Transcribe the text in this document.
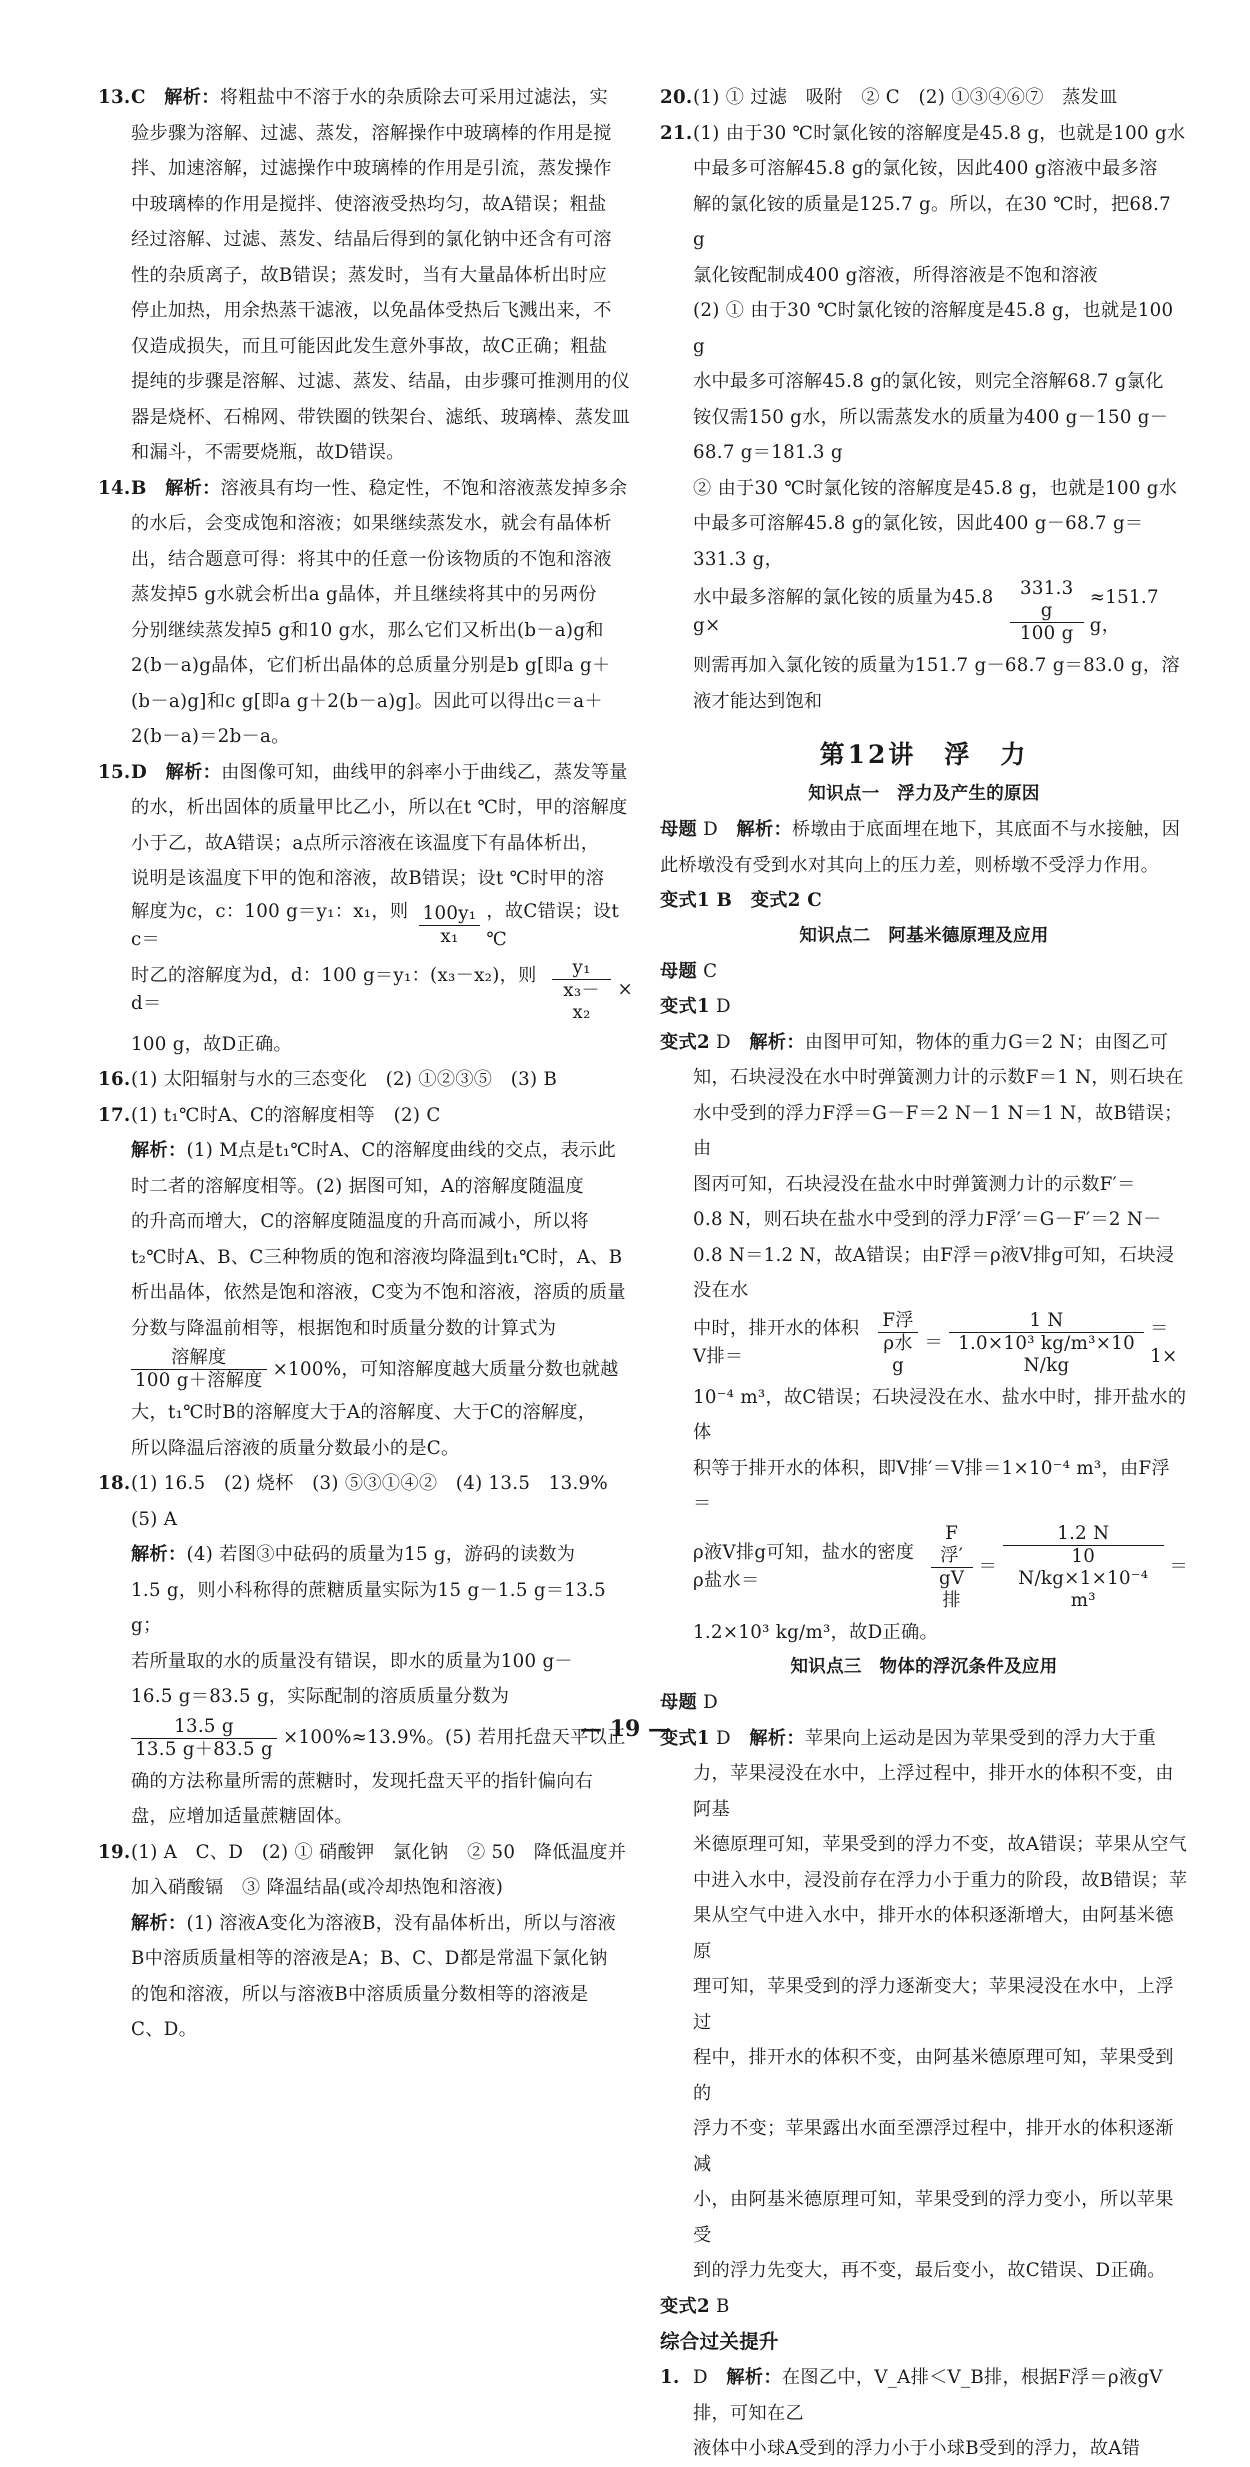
13. C　 解析：将粗盐中不溶于水的杂质除去可采用过滤法，实

验步骤为溶解、过滤、蒸发，溶解操作中玻璃棒的作用是搅

拌、加速溶解，过滤操作中玻璃棒的作用是引流，蒸发操作

中玻璃棒的作用是搅拌、使溶液受热均匀，故A错误；粗盐

经过溶解、过滤、蒸发、结晶后得到的氯化钠中还含有可溶

性的杂质离子，故B错误；蒸发时，当有大量晶体析出时应

停止加热，用余热蒸干滤液，以免晶体受热后飞溅出来，不

仅造成损失，而且可能因此发生意外事故，故C正确；粗盐

提纯的步骤是溶解、过滤、蒸发、结晶，由步骤可推测用的仪

器是烧杯、石棉网、带铁圈的铁架台、滤纸、玻璃棒、蒸发皿

和漏斗，不需要烧瓶，故D错误。

14. B　 解析：溶液具有均一性、稳定性，不饱和溶液蒸发掉多余

的水后，会变成饱和溶液；如果继续蒸发水，就会有晶体析

出，结合题意可得：将其中的任意一份该物质的不饱和溶液

蒸发掉5 g水就会析出a g晶体，并且继续将其中的另两份

分别继续蒸发掉5 g和10 g水，那么它们又析出(b－a)g和

2(b－a)g晶体，它们析出晶体的总质量分别是b g[即a g＋

(b－a)g]和c g[即a g＋2(b－a)g]。因此可以得出c＝a＋

2(b－a)＝2b－a。

15. D　 解析：由图像可知，曲线甲的斜率小于曲线乙，蒸发等量

的水，析出固体的质量甲比乙小，所以在t ℃时，甲的溶解度

小于乙，故A错误；a点所示溶液在该温度下有晶体析出，

说明是该温度下甲的饱和溶液，故B错误；设t ℃时甲的溶

解度为c，c：100 g＝y₁：x₁，则c＝	$\frac{\text{100y₁}}{\text{x₁}}$ ，故C错误；设t ℃
时乙的溶解度为d，d：100 g＝y₁：(x₃－x₂)，则d＝	$\frac{\text{y₁}}{\text{x₃－x₂}}$ ×

100 g，故D正确。

16. (1) 太阳辐射与水的三态变化　(2) ①②③⑤　(3) B

17. (1) t₁℃时A、C的溶解度相等　(2) C

解析：(1) M点是t₁℃时A、C的溶解度曲线的交点，表示此

时二者的溶解度相等。(2) 据图可知，A的溶解度随温度

的升高而增大，C的溶解度随温度的升高而减小，所以将

t₂℃时A、B、C三种物质的饱和溶液均降温到t₁℃时，A、B

析出晶体，依然是饱和溶液，C变为不饱和溶液，溶质的质量

分数与降温前相等，根据饱和时质量分数的计算式为

$\frac{\text{溶解度}}{\text{100 g＋溶解度}} \times 100\%$，可知溶解度越大质量分数也就越

大，t₁℃时B的溶解度大于A的溶解度、大于C的溶解度，

所以降温后溶液的质量分数最小的是C。

18. (1) 16.5　(2) 烧杯　(3) ⑤③①④②　(4) 13.5　13.9%

(5) A

解析：(4) 若图③中砝码的质量为15 g，游码的读数为

1.5 g，则小科称得的蔗糖质量实际为15 g－1.5 g＝13.5 g；

若所量取的水的质量没有错误，即水的质量为100 g－

16.5 g＝83.5 g，实际配制的溶质质量分数为

$\frac{13.5 g}{13.5 g+83.5 g} \times 100\%\approx 13.9\%$。(5) 若用托盘天平以正

确的方法称量所需的蔗糖时，发现托盘天平的指针偏向右

盘，应增加适量蔗糖固体。

19. (1) A　C、D　(2) ① 硝酸钾　氯化钠　② 50　降低温度并

加入硝酸镉　③ 降温结晶(或冷却热饱和溶液)

解析：(1) 溶液A变化为溶液B，没有晶体析出，所以与溶液

B中溶质质量相等的溶液是A；B、C、D都是常温下氯化钠

的饱和溶液，所以与溶液B中溶质质量分数相等的溶液是

C、D。

20. (1) ① 过滤　吸附　② C　(2) ①③④⑥⑦　蒸发皿

21. (1) 由于30 ℃时氯化铵的溶解度是45.8 g，也就是100 g水

中最多可溶解45.8 g的氯化铵，因此400 g溶液中最多溶

解的氯化铵的质量是125.7 g。所以，在30 ℃时，把68.7 g

氯化铵配制成400 g溶液，所得溶液是不饱和溶液

(2) ① 由于30 ℃时氯化铵的溶解度是45.8 g，也就是100 g

水中最多可溶解45.8 g的氯化铵，则完全溶解68.7 g氯化

铵仅需150 g水，所以需蒸发水的质量为400 g－150 g－

68.7 g＝181.3 g

② 由于30 ℃时氯化铵的溶解度是45.8 g，也就是100 g水

中最多可溶解45.8 g的氯化铵，因此400 g－68.7 g＝331.3 g，

水中最多溶解的氯化铵的质量为45.8 g×	$\frac{331.3 g}{100 g} \approx 151.7$ g，

则需再加入氯化铵的质量为151.7 g－68.7 g＝83.0 g，溶

液才能达到饱和

第12讲　浮　力
知识点一　浮力及产生的原因

母题 D　 解析：桥墩由于底面埋在地下，其底面不与水接触，因

此桥墩没有受到水对其向上的压力差，则桥墩不受浮力作用。

变式1 B　变式2 C

知识点二　阿基米德原理及应用

母题 C

变式1 D

变式2 D　 解析：由图甲可知，物体的重力G＝2 N；由图乙可

知，石块浸没在水中时弹簧测力计的示数F＝1 N，则石块在

水中受到的浮力F浮＝G－F＝2 N－1 N＝1 N，故B错误；由

图丙可知，石块浸没在盐水中时弹簧测力计的示数F′＝

0.8 N，则石块在盐水中受到的浮力F浮′＝G－F′＝2 N－

0.8 N＝1.2 N，故A错误；由F浮＝ρ液V排g可知，石块浸没在水

中时，排开水的体积V排＝	$\frac{\text{F浮}}{\text{ρ水g}} = \frac{1 N}{\text{1.0×10³ kg/m³×10 N/kg}} =1\times$

10⁻⁴ m³，故C错误；石块浸没在水、盐水中时，排开盐水的体

积等于排开水的体积，即V排′＝V排＝1×10⁻⁴ m³，由F浮＝

ρ液V排g可知，盐水的密度ρ盐水＝	$\frac{\text{F浮′}}{\text{gV排}} = \frac{1.2 N}{\text{10 N/kg×1×10⁻⁴ m³}}$ ＝

1.2×10³ kg/m³，故D正确。

知识点三　物体的浮沉条件及应用

母题 D

变式1 D　 解析：苹果向上运动是因为苹果受到的浮力大于重

力，苹果浸没在水中，上浮过程中，排开水的体积不变，由阿基

米德原理可知，苹果受到的浮力不变，故A错误；苹果从空气

中进入水中，浸没前存在浮力小于重力的阶段，故B错误；苹

果从空气中进入水中，排开水的体积逐渐增大，由阿基米德原

理可知，苹果受到的浮力逐渐变大；苹果浸没在水中，上浮过

程中，排开水的体积不变，由阿基米德原理可知，苹果受到的

浮力不变；苹果露出水面至漂浮过程中，排开水的体积逐渐减

小，由阿基米德原理可知，苹果受到的浮力变小，所以苹果受

到的浮力先变大，再不变，最后变小，故C错误、D正确。

变式2 B

综合过关提升
1. D　 解析：在图乙中，V_A排＜V_B排，根据F浮＝ρ液gV排，可知在乙

液体中小球A受到的浮力小于小球B受到的浮力，故A错

— 19 —
